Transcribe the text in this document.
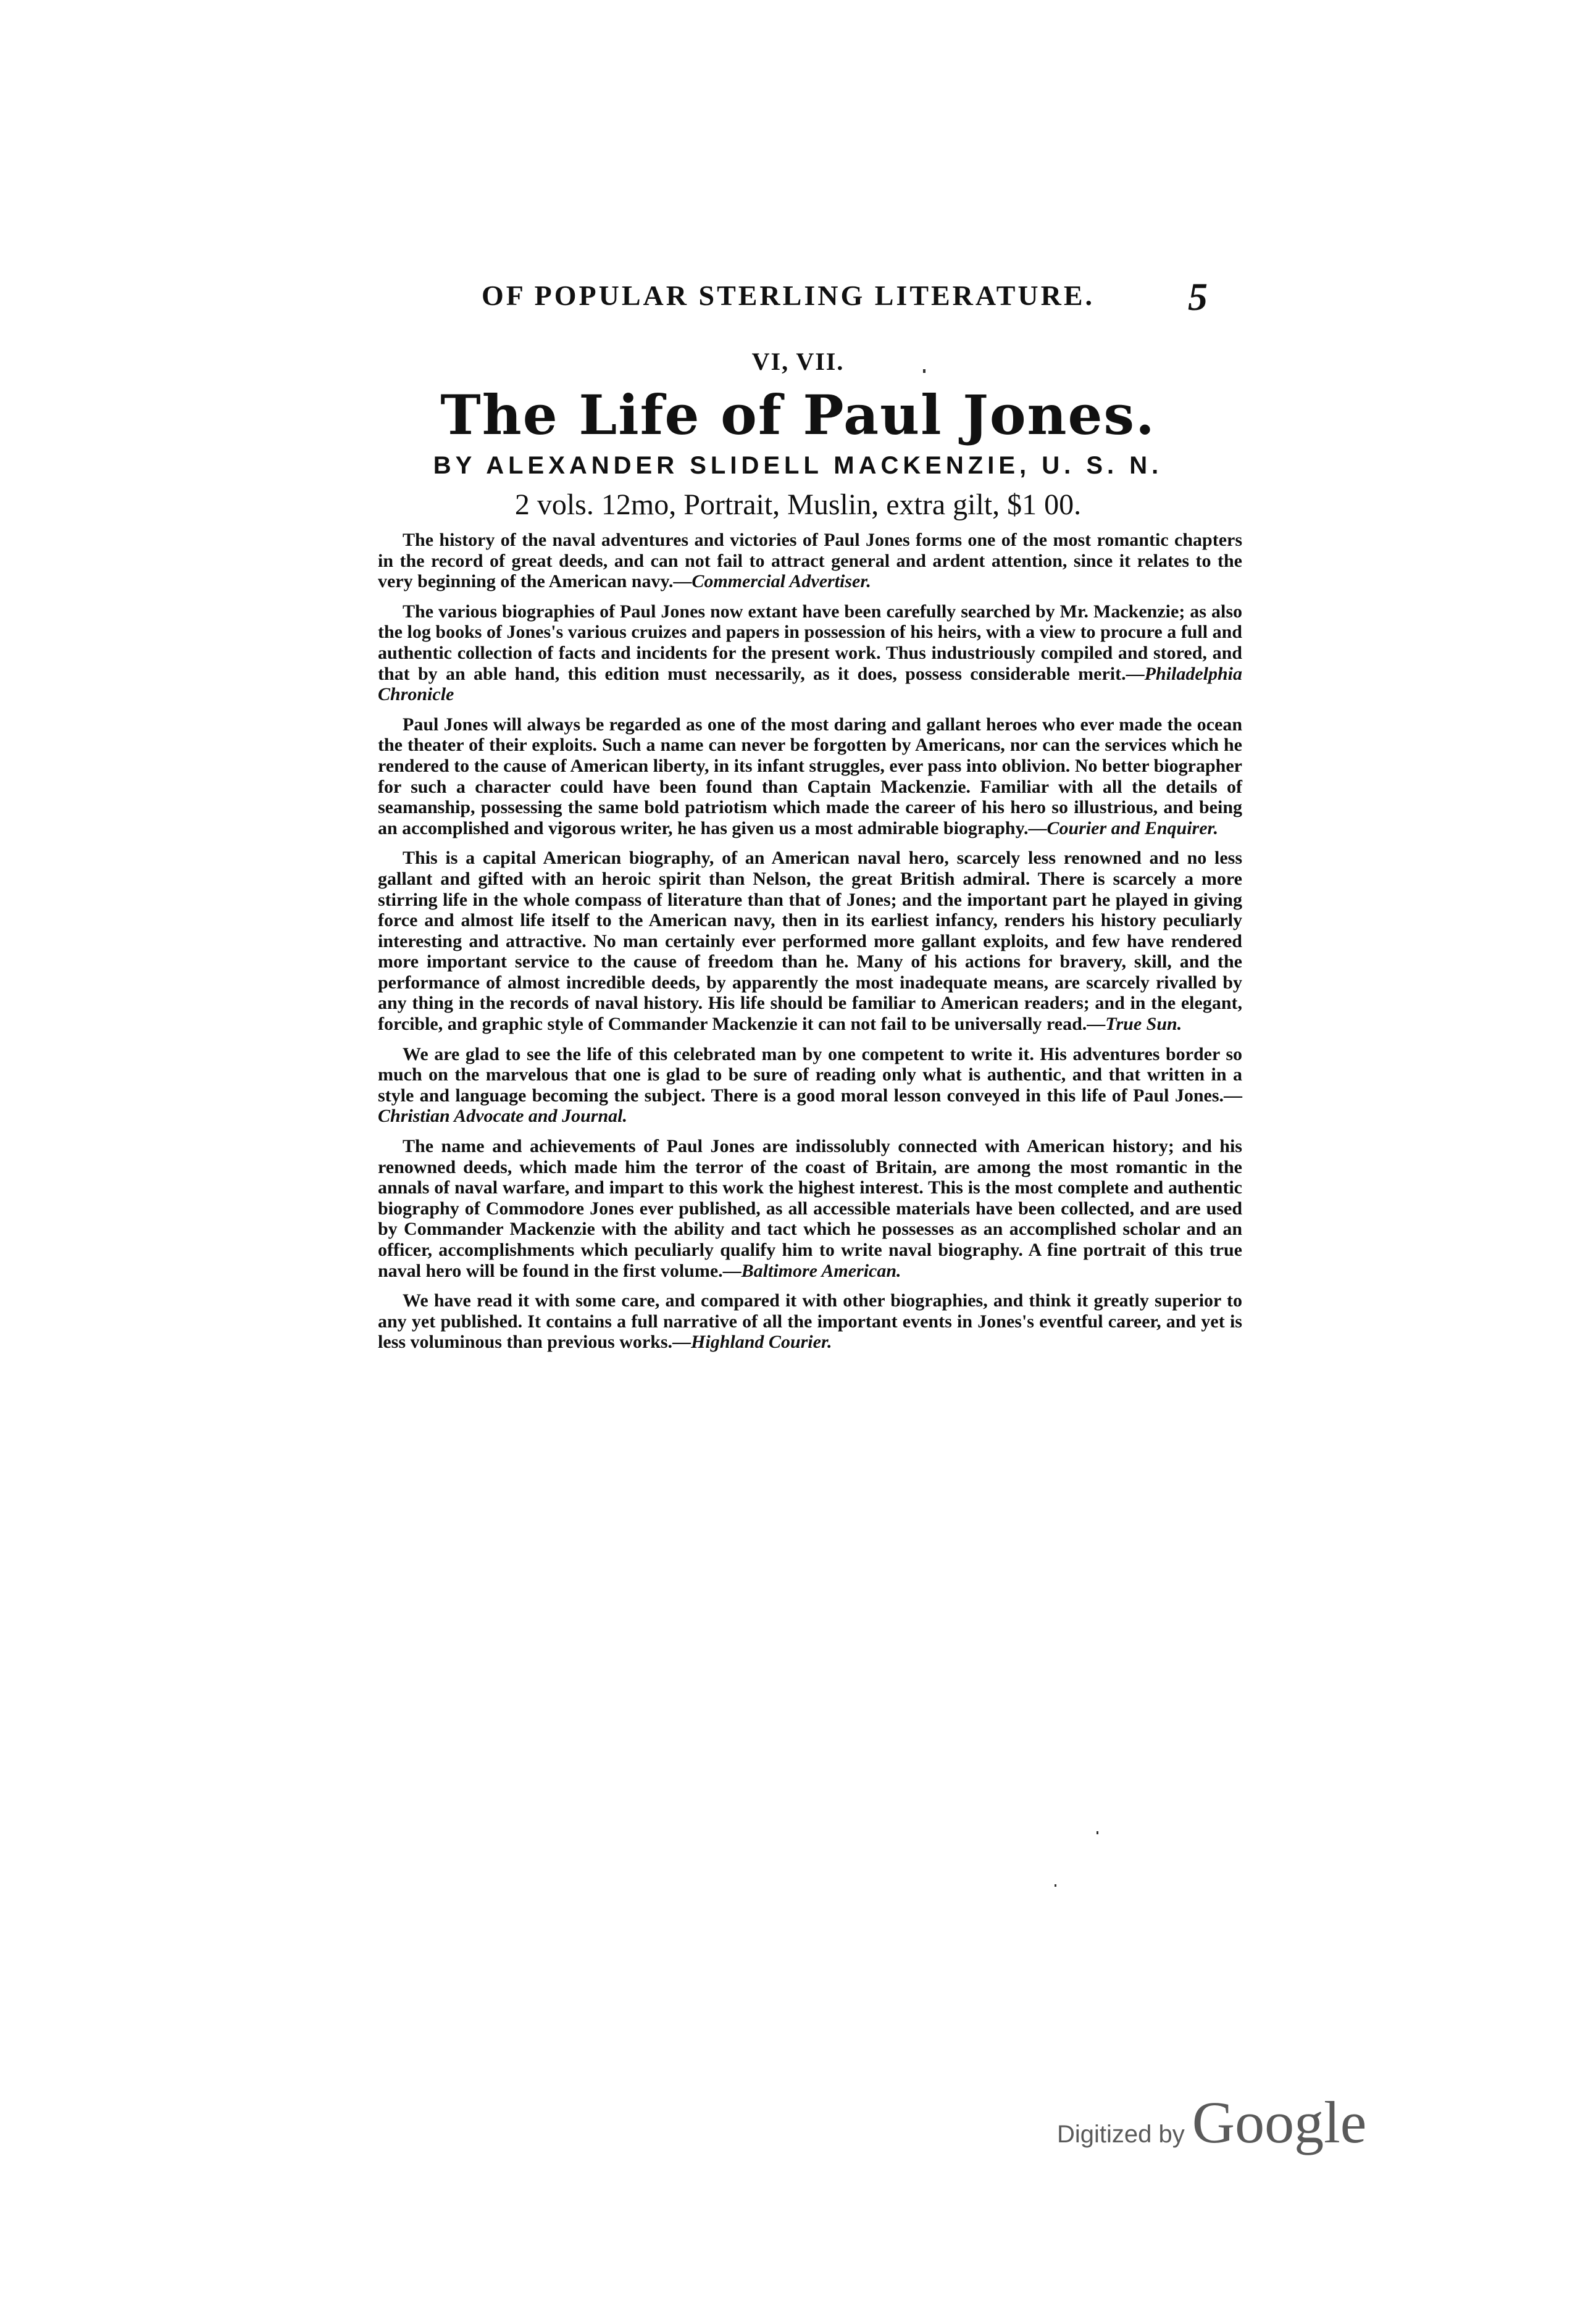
OF POPULAR STERLING LITERATURE. 5
VI, VII.
The Life of Paul Jones.
BY ALEXANDER SLIDELL MACKENZIE, U. S. N.
2 vols. 12mo, Portrait, Muslin, extra gilt, $1 00.

The history of the naval adventures and victories of Paul Jones forms one of the most romantic chapters in the record of great deeds, and can not fail to attract general and ardent attention, since it relates to the very beginning of the American navy.—Commercial Advertiser.

The various biographies of Paul Jones now extant have been carefully searched by Mr. Mackenzie; as also the log books of Jones's various cruizes and papers in possession of his heirs, with a view to procure a full and authentic collection of facts and incidents for the present work. Thus industriously compiled and stored, and that by an able hand, this edition must necessarily, as it does, possess considerable merit.—Philadelphia Chronicle

Paul Jones will always be regarded as one of the most daring and gallant heroes who ever made the ocean the theater of their exploits. Such a name can never be forgotten by Americans, nor can the services which he rendered to the cause of American liberty, in its infant struggles, ever pass into oblivion. No better biographer for such a character could have been found than Captain Mackenzie. Familiar with all the details of seamanship, possessing the same bold patriotism which made the career of his hero so illustrious, and being an accomplished and vigorous writer, he has given us a most admirable biography.—Courier and Enquirer.

This is a capital American biography, of an American naval hero, scarcely less renowned and no less gallant and gifted with an heroic spirit than Nelson, the great British admiral. There is scarcely a more stirring life in the whole compass of literature than that of Jones; and the important part he played in giving force and almost life itself to the American navy, then in its earliest infancy, renders his history peculiarly interesting and attractive. No man certainly ever performed more gallant exploits, and few have rendered more important service to the cause of freedom than he. Many of his actions for bravery, skill, and the performance of almost incredible deeds, by apparently the most inadequate means, are scarcely rivalled by any thing in the records of naval history. His life should be familiar to American readers; and in the elegant, forcible, and graphic style of Commander Mackenzie it can not fail to be universally read.—True Sun.

We are glad to see the life of this celebrated man by one competent to write it. His adventures border so much on the marvelous that one is glad to be sure of reading only what is authentic, and that written in a style and language becoming the subject. There is a good moral lesson conveyed in this life of Paul Jones.—Christian Advocate and Journal.

The name and achievements of Paul Jones are indissolubly connected with American history; and his renowned deeds, which made him the terror of the coast of Britain, are among the most romantic in the annals of naval warfare, and impart to this work the highest interest. This is the most complete and authentic biography of Commodore Jones ever published, as all accessible materials have been collected, and are used by Commander Mackenzie with the ability and tact which he possesses as an accomplished scholar and an officer, accomplishments which peculiarly qualify him to write naval biography. A fine portrait of this true naval hero will be found in the first volume.—Baltimore American.

We have read it with some care, and compared it with other biographies, and think it greatly superior to any yet published. It contains a full narrative of all the important events in Jones's eventful career, and yet is less voluminous than previous works.—Highland Courier.

Digitized by Google
